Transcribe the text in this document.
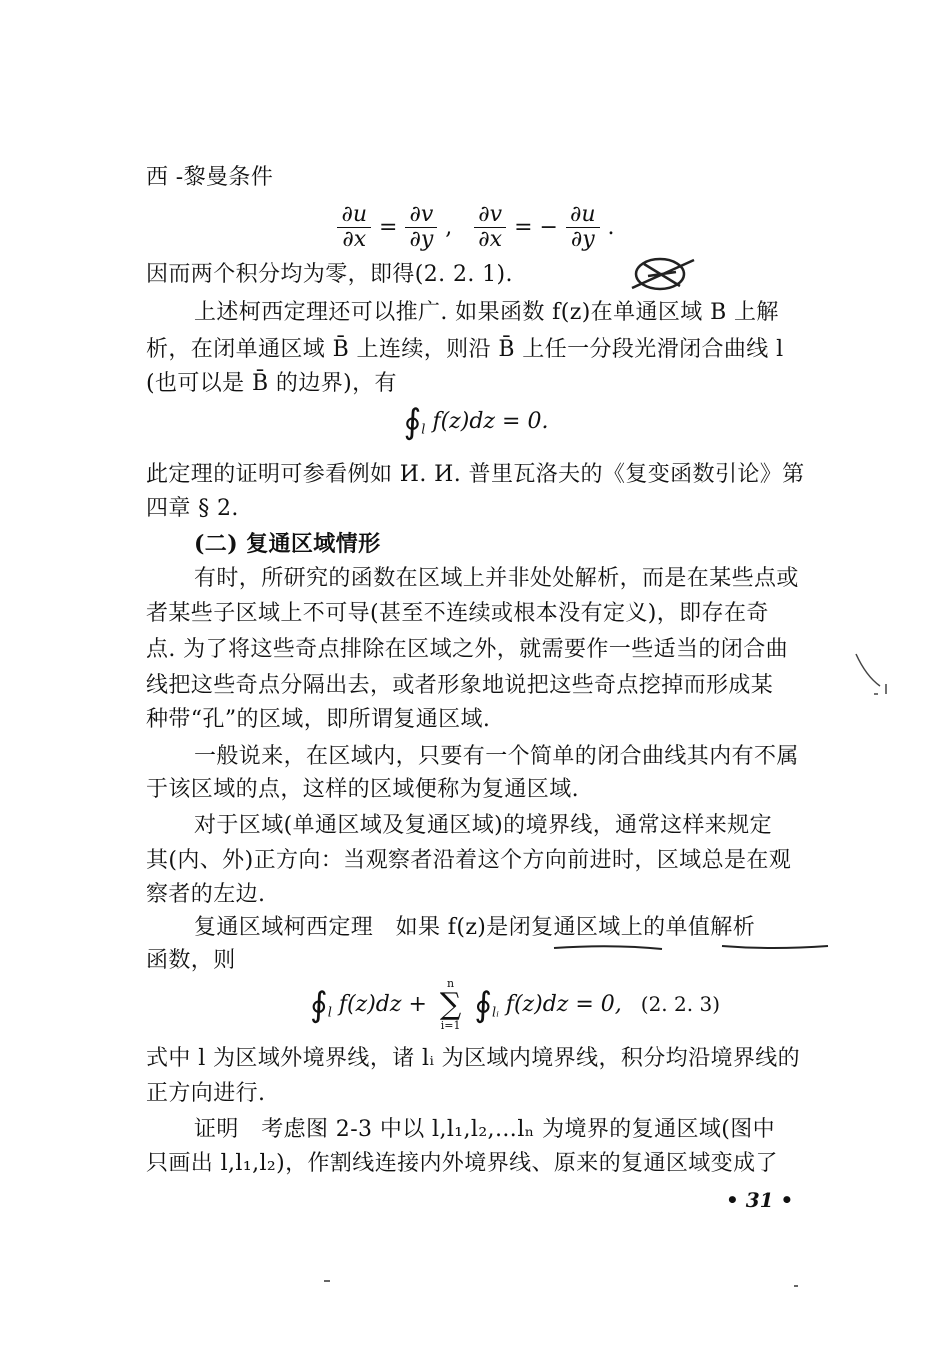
西 -黎曼条件
$\frac{\partial u}{\partial x} = \frac{\partial v}{\partial y}$ , $\frac{\partial v}{\partial x}$ = − $\frac{\partial u}{\partial y}$ .
因而两个积分均为零，即得(2. 2. 1).
上述柯西定理还可以推广. 如果函数 f(z)在单通区域 B 上解
析，在闭单通区域 B̄ 上连续，则沿 B̄ 上任一分段光滑闭合曲线 l
(也可以是 B̄ 的边界)，有
$∮_l$ f(z)dz = 0.
此定理的证明可参看例如 И. И. 普里瓦洛夫的《复变函数引论》第
四章 § 2.
(二) 复通区域情形
有时，所研究的函数在区域上并非处处解析，而是在某些点或
者某些子区域上不可导(甚至不连续或根本没有定义)，即存在奇
点. 为了将这些奇点排除在区域之外，就需要作一些适当的闭合曲
线把这些奇点分隔出去，或者形象地说把这些奇点挖掉而形成某
种带“孔”的区域，即所谓复通区域.
一般说来，在区域内，只要有一个简单的闭合曲线其内有不属
于该区域的点，这样的区域便称为复通区域.
对于区域(单通区域及复通区域)的境界线，通常这样来规定
其(内、外)正方向：当观察者沿着这个方向前进时，区域总是在观
察者的左边.
复通区域柯西定理　如果 f(z)是闭复通区域上的单值解析
函数，则
$∮_l$ f(z)dz +
n
∑
i=1
$∮_{lᵢ}$ f(z)dz = 0, (2. 2. 3)
式中 l 为区域外境界线，诸 lᵢ 为区域内境界线，积分均沿境界线的
正方向进行.
证明　考虑图 2-3 中以 l,l₁,l₂,…lₙ 为境界的复通区域(图中
只画出 l,l₁,l₂)，作割线连接内外境界线、原来的复通区域变成了
• 31 •
